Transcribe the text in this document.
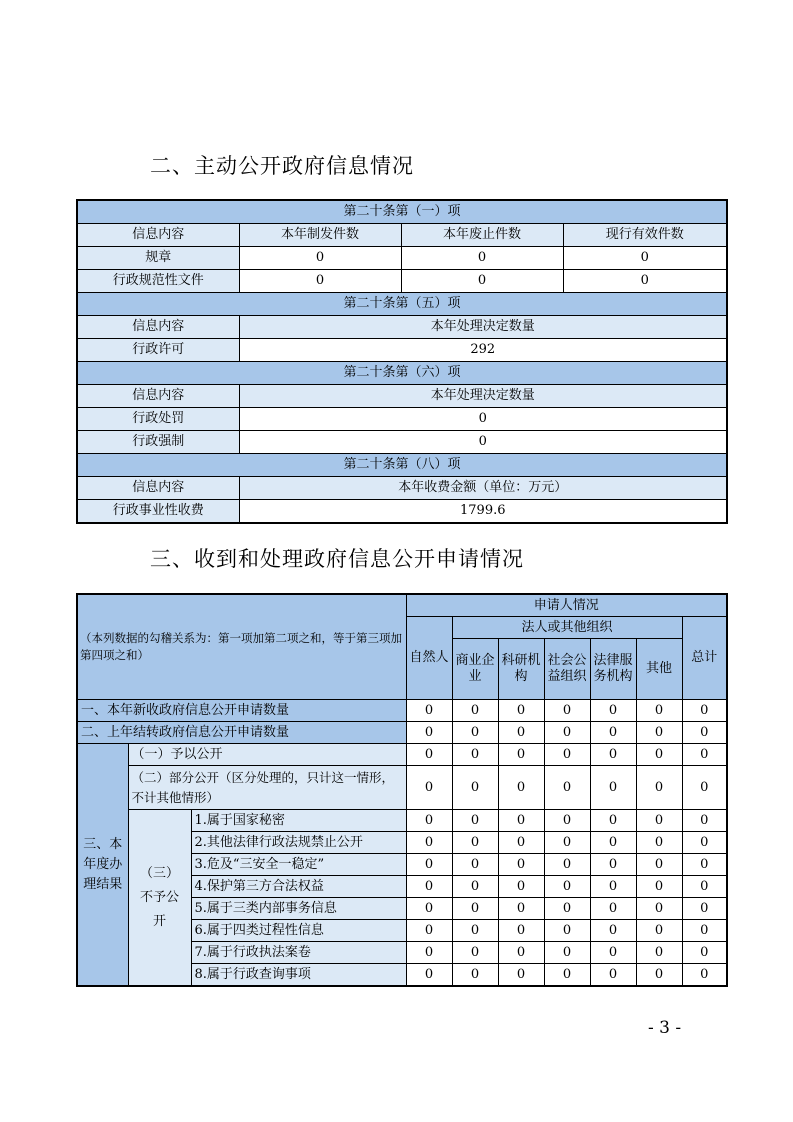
二、主动公开政府信息情况
第二十条第（一）项			
信息内容	本年制发件数	本年废止件数	现行有效件数
规章	0	0	0
行政规范性文件	0	0	0
第二十条第（五）项			
信息内容	本年处理决定数量		
行政许可	292		
第二十条第（六）项			
信息内容	本年处理决定数量		
行政处罚	0		
行政强制	0		
第二十条第（八）项			
信息内容	本年收费金额（单位：万元）		
行政事业性收费	1799.6		
三、收到和处理政府信息公开申请情况
（本列数据的勾稽关系为：第一项加第二项之和，等于第三项加第四项之和）			申请人情况						
			自然人	法人或其他组织					总计
				商业企业	科研机构	社会公益组织	法律服务机构	其他	
一、本年新收政府信息公开申请数量			0	0	0	0	0	0	0
二、上年结转政府信息公开申请数量			0	0	0	0	0	0	0
三、本年度办理结果	（一）予以公开		0	0	0	0	0	0	0
	（二）部分公开（区分处理的，只计这一情形，不计其他情形）		0	0	0	0	0	0	0
	（三）不予公开	1.属于国家秘密	0	0	0	0	0	0	0
		2.其他法律行政法规禁止公开	0	0	0	0	0	0	0
		3.危及“三安全一稳定”	0	0	0	0	0	0	0
		4.保护第三方合法权益	0	0	0	0	0	0	0
		5.属于三类内部事务信息	0	0	0	0	0	0	0
		6.属于四类过程性信息	0	0	0	0	0	0	0
		7.属于行政执法案卷	0	0	0	0	0	0	0
		8.属于行政查询事项	0	0	0	0	0	0	0
- 3 -
